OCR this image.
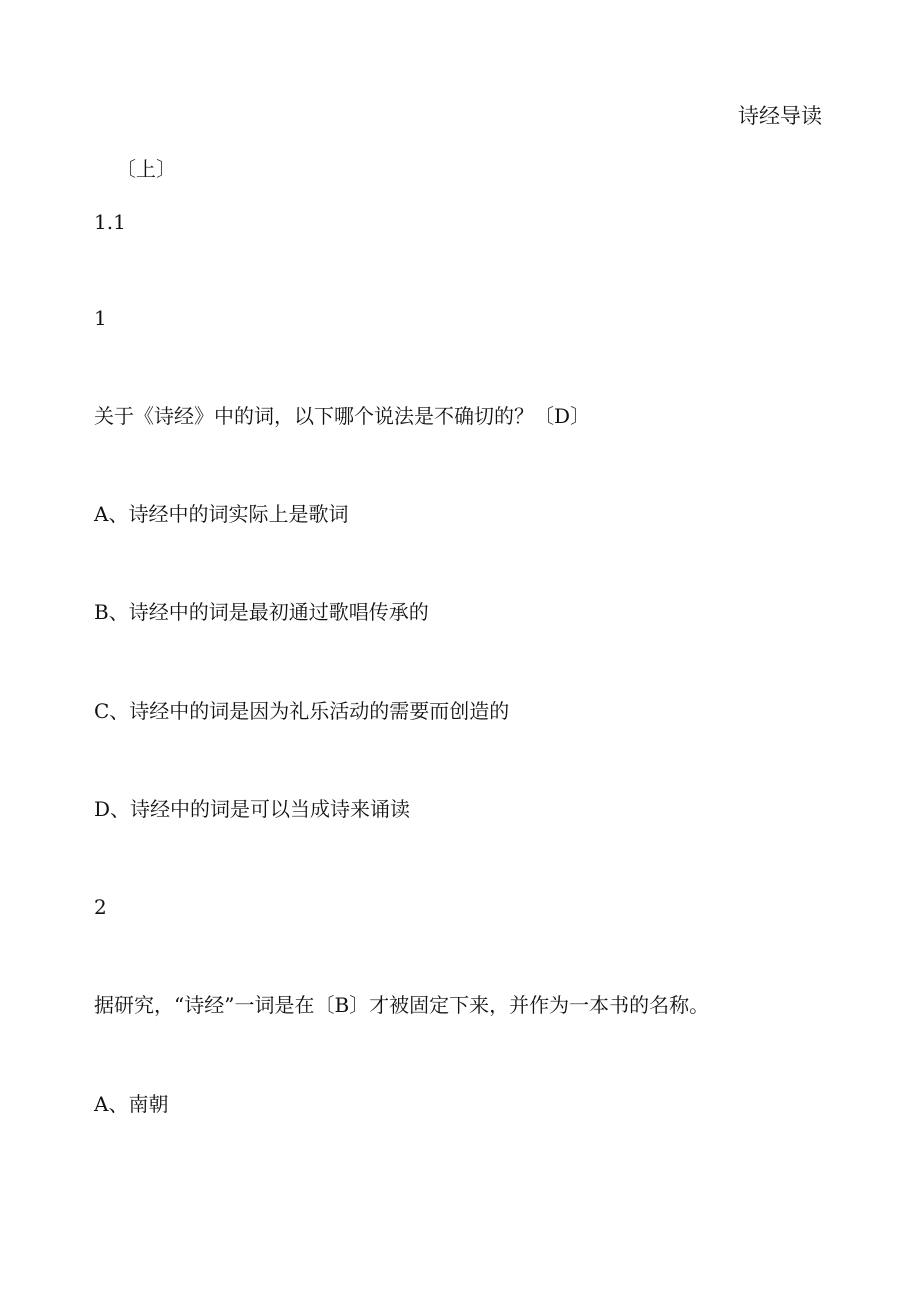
诗经导读
〔上〕
1.1
1
关于《诗经》中的词，以下哪个说法是不确切的？〔D〕
A、诗经中的词实际上是歌词
B、诗经中的词是最初通过歌唱传承的
C、诗经中的词是因为礼乐活动的需要而创造的
D、诗经中的词是可以当成诗来诵读
2
据研究，“诗经”一词是在〔B〕才被固定下来，并作为一本书的名称。
A、南朝
